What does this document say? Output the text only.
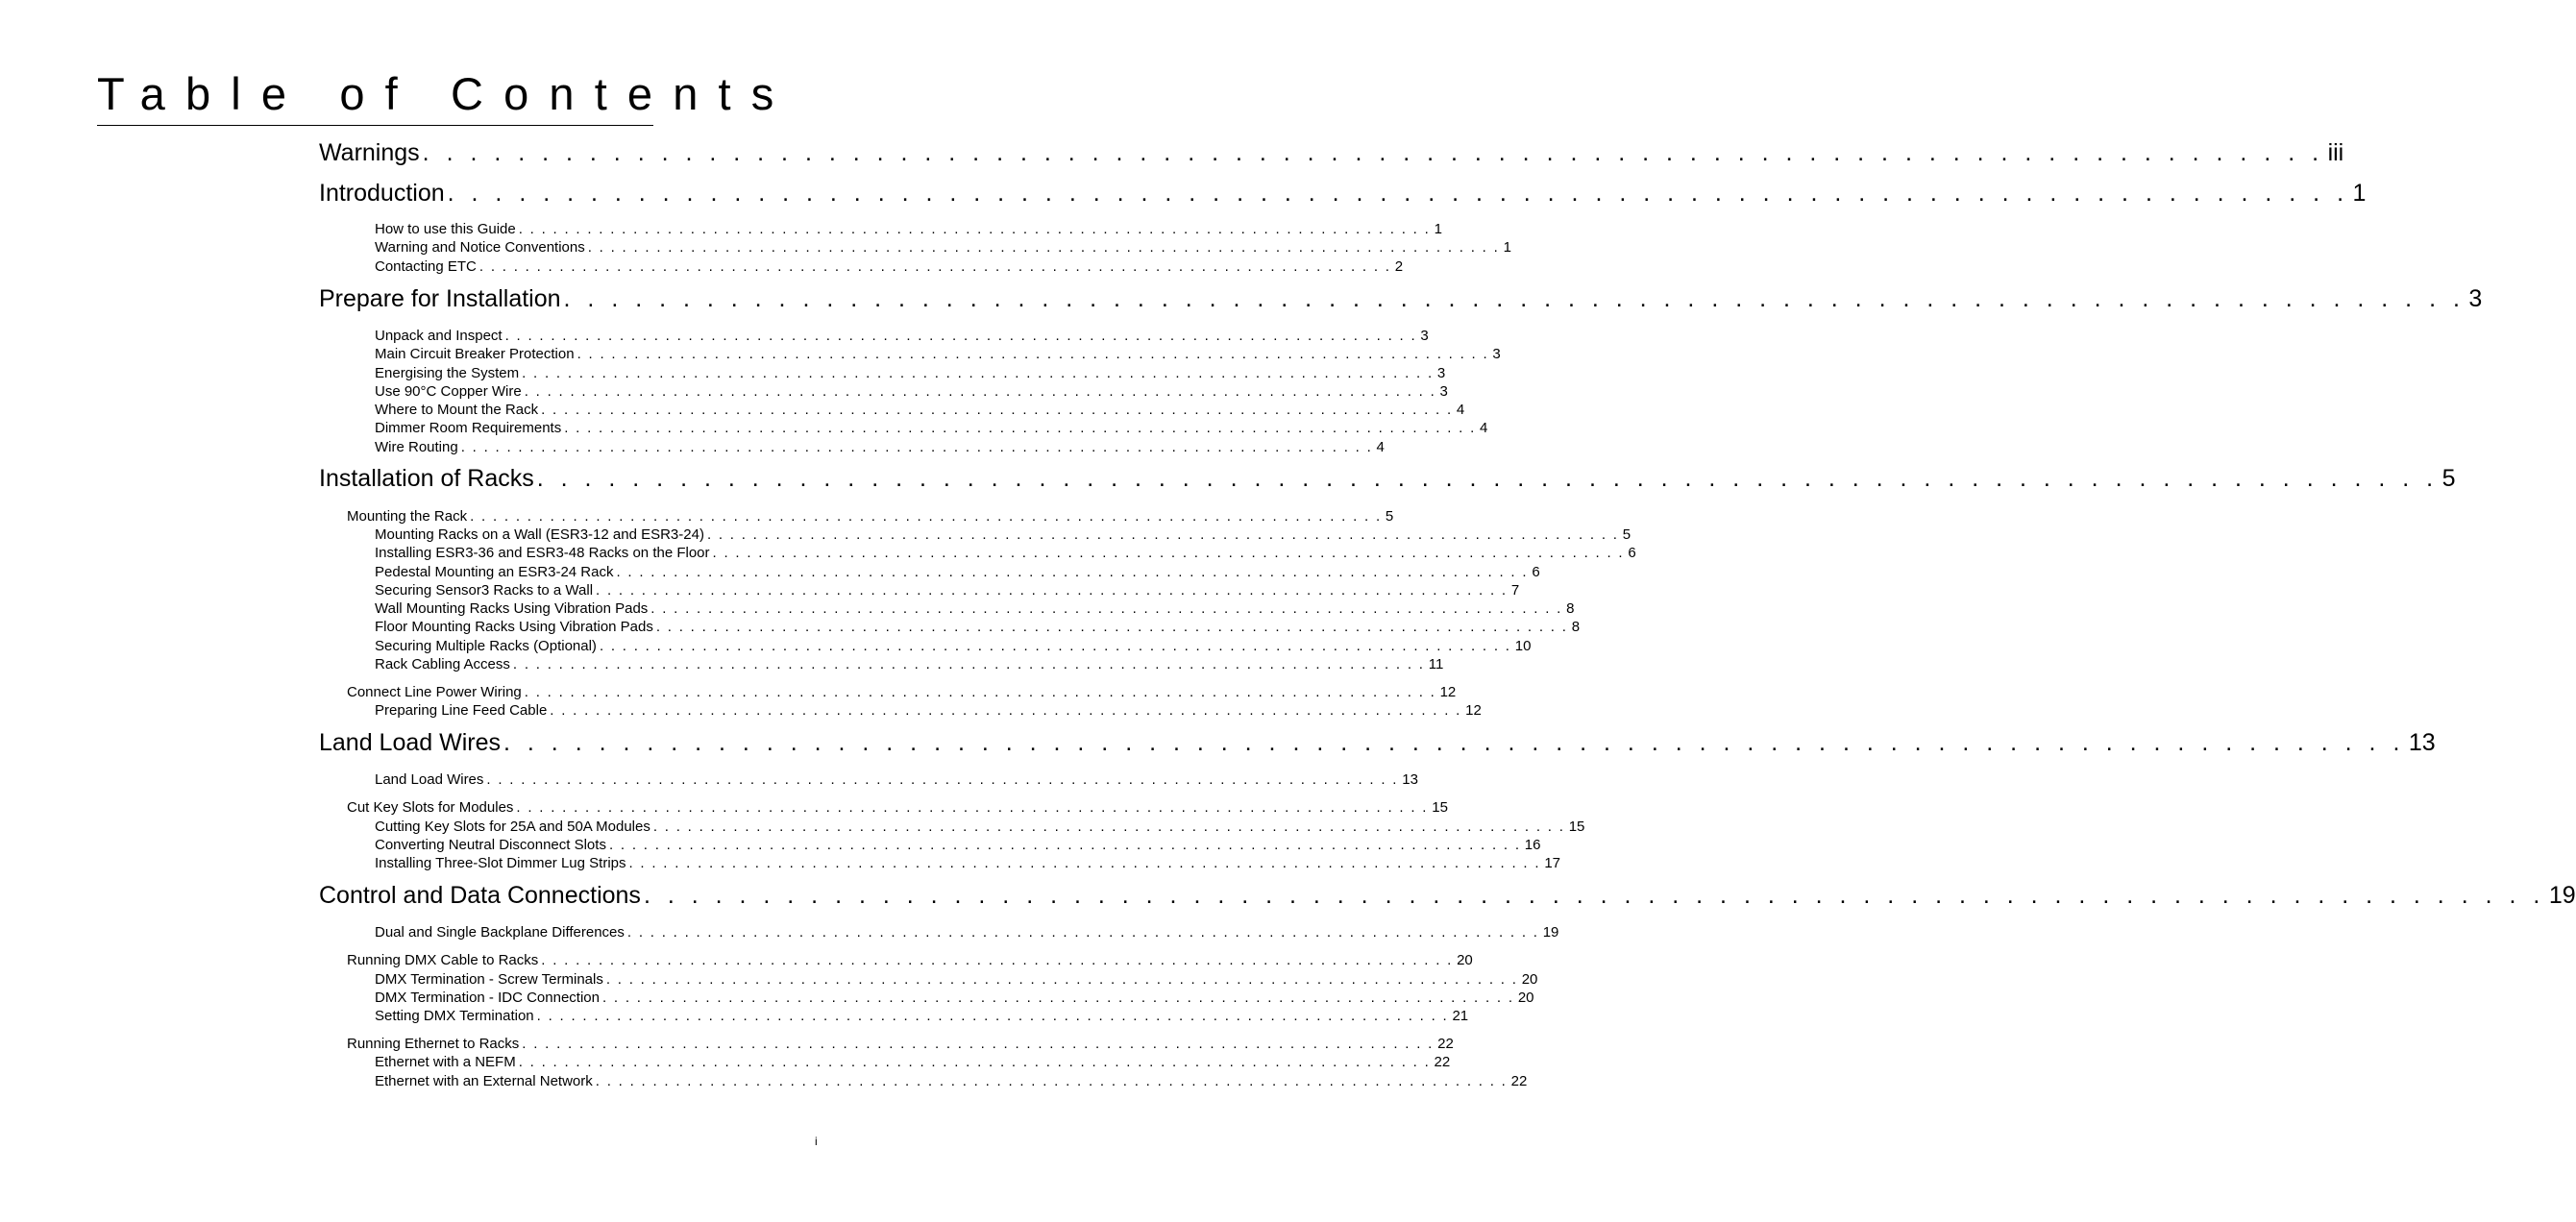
Table of Contents
Warnings . . . . . . . . . . . . . . . . . . . . . . . . . . . . . . . . . . . . . . . . . . . . . . . . . . . . . . . . . . . . . . . . . . . . . . . . . . . . . . . . iii
Introduction . . . . . . . . . . . . . . . . . . . . . . . . . . . . . . . . . . . . . . . . . . . . . . . . . . . . . . . . . . . . . . . . . . . . . . . . . . . . . . . . 1
How to use this Guide . . . . . . . . . . . . . . . . . . . . . . . . . . . . . . . . . . . . . . . . . . . . . . . . . . . . . . . . . . . . . . . . . . . . . . . . . . . . . . . . 1
Warning and Notice Conventions . . . . . . . . . . . . . . . . . . . . . . . . . . . . . . . . . . . . . . . . . . . . . . . . . . . . . . . . . . . . . . . . . . . . . . . . . . . . . . . . 1
Contacting ETC . . . . . . . . . . . . . . . . . . . . . . . . . . . . . . . . . . . . . . . . . . . . . . . . . . . . . . . . . . . . . . . . . . . . . . . . . . . . . . . . 2
Prepare for Installation . . . . . . . . . . . . . . . . . . . . . . . . . . . . . . . . . . . . . . . . . . . . . . . . . . . . . . . . . . . . . . . . . . . . . . . . . . . . . . . . 3
Unpack and Inspect . . . . . . . . . . . . . . . . . . . . . . . . . . . . . . . . . . . . . . . . . . . . . . . . . . . . . . . . . . . . . . . . . . . . . . . . . . . . . . . . 3
Main Circuit Breaker Protection . . . . . . . . . . . . . . . . . . . . . . . . . . . . . . . . . . . . . . . . . . . . . . . . . . . . . . . . . . . . . . . . . . . . . . . . . . . . . . . . 3
Energising the System . . . . . . . . . . . . . . . . . . . . . . . . . . . . . . . . . . . . . . . . . . . . . . . . . . . . . . . . . . . . . . . . . . . . . . . . . . . . . . . . 3
Use 90°C Copper Wire . . . . . . . . . . . . . . . . . . . . . . . . . . . . . . . . . . . . . . . . . . . . . . . . . . . . . . . . . . . . . . . . . . . . . . . . . . . . . . . . 3
Where to Mount the Rack . . . . . . . . . . . . . . . . . . . . . . . . . . . . . . . . . . . . . . . . . . . . . . . . . . . . . . . . . . . . . . . . . . . . . . . . . . . . . . . . 4
Dimmer Room Requirements . . . . . . . . . . . . . . . . . . . . . . . . . . . . . . . . . . . . . . . . . . . . . . . . . . . . . . . . . . . . . . . . . . . . . . . . . . . . . . . . 4
Wire Routing . . . . . . . . . . . . . . . . . . . . . . . . . . . . . . . . . . . . . . . . . . . . . . . . . . . . . . . . . . . . . . . . . . . . . . . . . . . . . . . . 4
Installation of Racks . . . . . . . . . . . . . . . . . . . . . . . . . . . . . . . . . . . . . . . . . . . . . . . . . . . . . . . . . . . . . . . . . . . . . . . . . . . . . . . . 5
Mounting the Rack . . . . . . . . . . . . . . . . . . . . . . . . . . . . . . . . . . . . . . . . . . . . . . . . . . . . . . . . . . . . . . . . . . . . . . . . . . . . . . . . 5
Mounting Racks on a Wall (ESR3-12 and ESR3-24) . . . . . . . . . . . . . . . . . . . . . . . . . . . . . . . . . . . . . . . . . . . . . . . . . . . . . . . . . . . . . . . . . . . . . . . . . . . . . . . . 5
Installing ESR3-36 and ESR3-48 Racks on the Floor . . . . . . . . . . . . . . . . . . . . . . . . . . . . . . . . . . . . . . . . . . . . . . . . . . . . . . . . . . . . . . . . . . . . . . . . . . . . . . . . 6
Pedestal Mounting an ESR3-24 Rack . . . . . . . . . . . . . . . . . . . . . . . . . . . . . . . . . . . . . . . . . . . . . . . . . . . . . . . . . . . . . . . . . . . . . . . . . . . . . . . . 6
Securing Sensor3 Racks to a Wall . . . . . . . . . . . . . . . . . . . . . . . . . . . . . . . . . . . . . . . . . . . . . . . . . . . . . . . . . . . . . . . . . . . . . . . . . . . . . . . . 7
Wall Mounting Racks Using Vibration Pads . . . . . . . . . . . . . . . . . . . . . . . . . . . . . . . . . . . . . . . . . . . . . . . . . . . . . . . . . . . . . . . . . . . . . . . . . . . . . . . . 8
Floor Mounting Racks Using Vibration Pads . . . . . . . . . . . . . . . . . . . . . . . . . . . . . . . . . . . . . . . . . . . . . . . . . . . . . . . . . . . . . . . . . . . . . . . . . . . . . . . . 8
Securing Multiple Racks (Optional) . . . . . . . . . . . . . . . . . . . . . . . . . . . . . . . . . . . . . . . . . . . . . . . . . . . . . . . . . . . . . . . . . . . . . . . . . . . . . . . . 10
Rack Cabling Access . . . . . . . . . . . . . . . . . . . . . . . . . . . . . . . . . . . . . . . . . . . . . . . . . . . . . . . . . . . . . . . . . . . . . . . . . . . . . . . . 11
Connect Line Power Wiring . . . . . . . . . . . . . . . . . . . . . . . . . . . . . . . . . . . . . . . . . . . . . . . . . . . . . . . . . . . . . . . . . . . . . . . . . . . . . . . . 12
Preparing Line Feed Cable . . . . . . . . . . . . . . . . . . . . . . . . . . . . . . . . . . . . . . . . . . . . . . . . . . . . . . . . . . . . . . . . . . . . . . . . . . . . . . . . 12
Land Load Wires . . . . . . . . . . . . . . . . . . . . . . . . . . . . . . . . . . . . . . . . . . . . . . . . . . . . . . . . . . . . . . . . . . . . . . . . . . . . . . . . 13
Land Load Wires . . . . . . . . . . . . . . . . . . . . . . . . . . . . . . . . . . . . . . . . . . . . . . . . . . . . . . . . . . . . . . . . . . . . . . . . . . . . . . . . 13
Cut Key Slots for Modules . . . . . . . . . . . . . . . . . . . . . . . . . . . . . . . . . . . . . . . . . . . . . . . . . . . . . . . . . . . . . . . . . . . . . . . . . . . . . . . . 15
Cutting Key Slots for 25A and 50A Modules . . . . . . . . . . . . . . . . . . . . . . . . . . . . . . . . . . . . . . . . . . . . . . . . . . . . . . . . . . . . . . . . . . . . . . . . . . . . . . . . 15
Converting Neutral Disconnect Slots . . . . . . . . . . . . . . . . . . . . . . . . . . . . . . . . . . . . . . . . . . . . . . . . . . . . . . . . . . . . . . . . . . . . . . . . . . . . . . . . 16
Installing Three-Slot Dimmer Lug Strips . . . . . . . . . . . . . . . . . . . . . . . . . . . . . . . . . . . . . . . . . . . . . . . . . . . . . . . . . . . . . . . . . . . . . . . . . . . . . . . . 17
Control and Data Connections . . . . . . . . . . . . . . . . . . . . . . . . . . . . . . . . . . . . . . . . . . . . . . . . . . . . . . . . . . . . . . . . . . . . . . . . . . . . . . . . 19
Dual and Single Backplane Differences . . . . . . . . . . . . . . . . . . . . . . . . . . . . . . . . . . . . . . . . . . . . . . . . . . . . . . . . . . . . . . . . . . . . . . . . . . . . . . . . 19
Running DMX Cable to Racks . . . . . . . . . . . . . . . . . . . . . . . . . . . . . . . . . . . . . . . . . . . . . . . . . . . . . . . . . . . . . . . . . . . . . . . . . . . . . . . . 20
DMX Termination - Screw Terminals . . . . . . . . . . . . . . . . . . . . . . . . . . . . . . . . . . . . . . . . . . . . . . . . . . . . . . . . . . . . . . . . . . . . . . . . . . . . . . . . 20
DMX Termination - IDC Connection . . . . . . . . . . . . . . . . . . . . . . . . . . . . . . . . . . . . . . . . . . . . . . . . . . . . . . . . . . . . . . . . . . . . . . . . . . . . . . . . 20
Setting DMX Termination . . . . . . . . . . . . . . . . . . . . . . . . . . . . . . . . . . . . . . . . . . . . . . . . . . . . . . . . . . . . . . . . . . . . . . . . . . . . . . . . 21
Running Ethernet to Racks . . . . . . . . . . . . . . . . . . . . . . . . . . . . . . . . . . . . . . . . . . . . . . . . . . . . . . . . . . . . . . . . . . . . . . . . . . . . . . . . 22
Ethernet with a NEFM . . . . . . . . . . . . . . . . . . . . . . . . . . . . . . . . . . . . . . . . . . . . . . . . . . . . . . . . . . . . . . . . . . . . . . . . . . . . . . . . 22
Ethernet with an External Network . . . . . . . . . . . . . . . . . . . . . . . . . . . . . . . . . . . . . . . . . . . . . . . . . . . . . . . . . . . . . . . . . . . . . . . . . . . . . . . . 22
i
